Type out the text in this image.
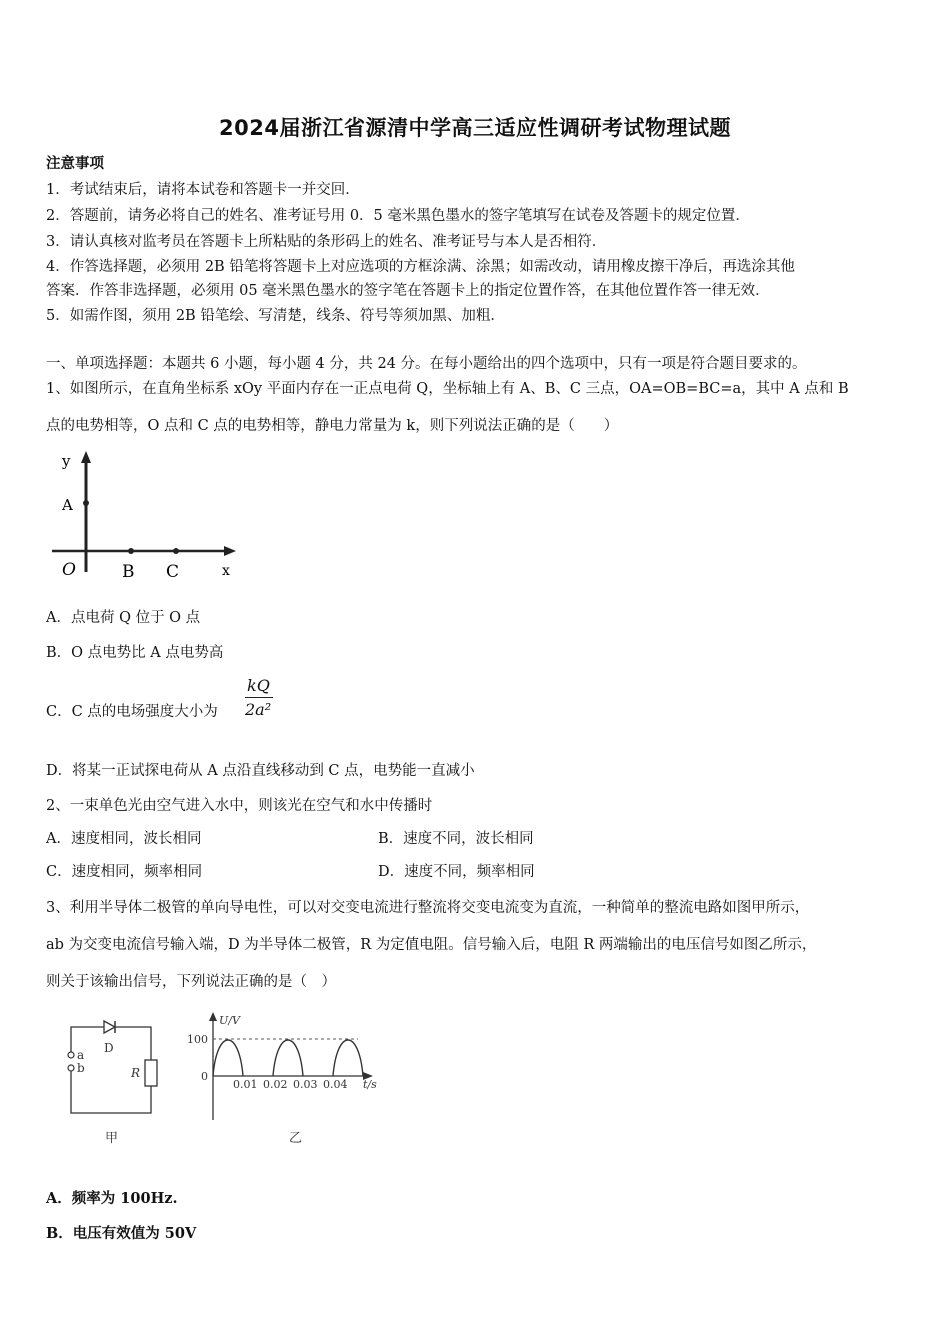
2024届浙江省源清中学高三适应性调研考试物理试题
注意事项
1．考试结束后，请将本试卷和答题卡一并交回．
2．答题前，请务必将自己的姓名、准考证号用 0．5 毫米黑色墨水的签字笔填写在试卷及答题卡的规定位置．
3．请认真核对监考员在答题卡上所粘贴的条形码上的姓名、准考证号与本人是否相符．
4．作答选择题，必须用 2B 铅笔将答题卡上对应选项的方框涂满、涂黑；如需改动，请用橡皮擦干净后，再选涂其他
答案．作答非选择题，必须用 05 毫米黑色墨水的签字笔在答题卡上的指定位置作答，在其他位置作答一律无效．
5．如需作图，须用 2B 铅笔绘、写清楚，线条、符号等须加黑、加粗．
一、单项选择题：本题共 6 小题，每小题 4 分，共 24 分。在每小题给出的四个选项中，只有一项是符合题目要求的。
1、如图所示，在直角坐标系 xOy 平面内存在一正点电荷 Q，坐标轴上有 A、B、C 三点，OA=OB=BC=a，其中 A 点和 B
点的电势相等，O 点和 C 点的电势相等，静电力常量为 k，则下列说法正确的是（　　）
y
A
O	B C	x
A．点电荷 Q 位于 O 点
B．O 点电势比 A 点电势高
C．C 点的电场强度大小为
kQ
2a²
D．将某一正试探电荷从 A 点沿直线移动到 C 点，电势能一直减小
2、一束单色光由空气进入水中，则该光在空气和水中传播时
A．速度相同，波长相同	B．速度不同，波长相同
C．速度相同，频率相同	D．速度不同，频率相同
3、利用半导体二极管的单向导电性，可以对交变电流进行整流将交变电流变为直流，一种简单的整流电路如图甲所示，
ab 为交变电流信号输入端，D 为半导体二极管，R 为定值电阻。信号输入后，电阻 R 两端输出的电压信号如图乙所示，
则关于该输出信号，下列说法正确的是（　）
D
a
b	R
甲
U/V
100
0
0.01 0.02 0.03 0.04 t/s
乙
A．频率为 100Hz.
B．电压有效值为 50V
